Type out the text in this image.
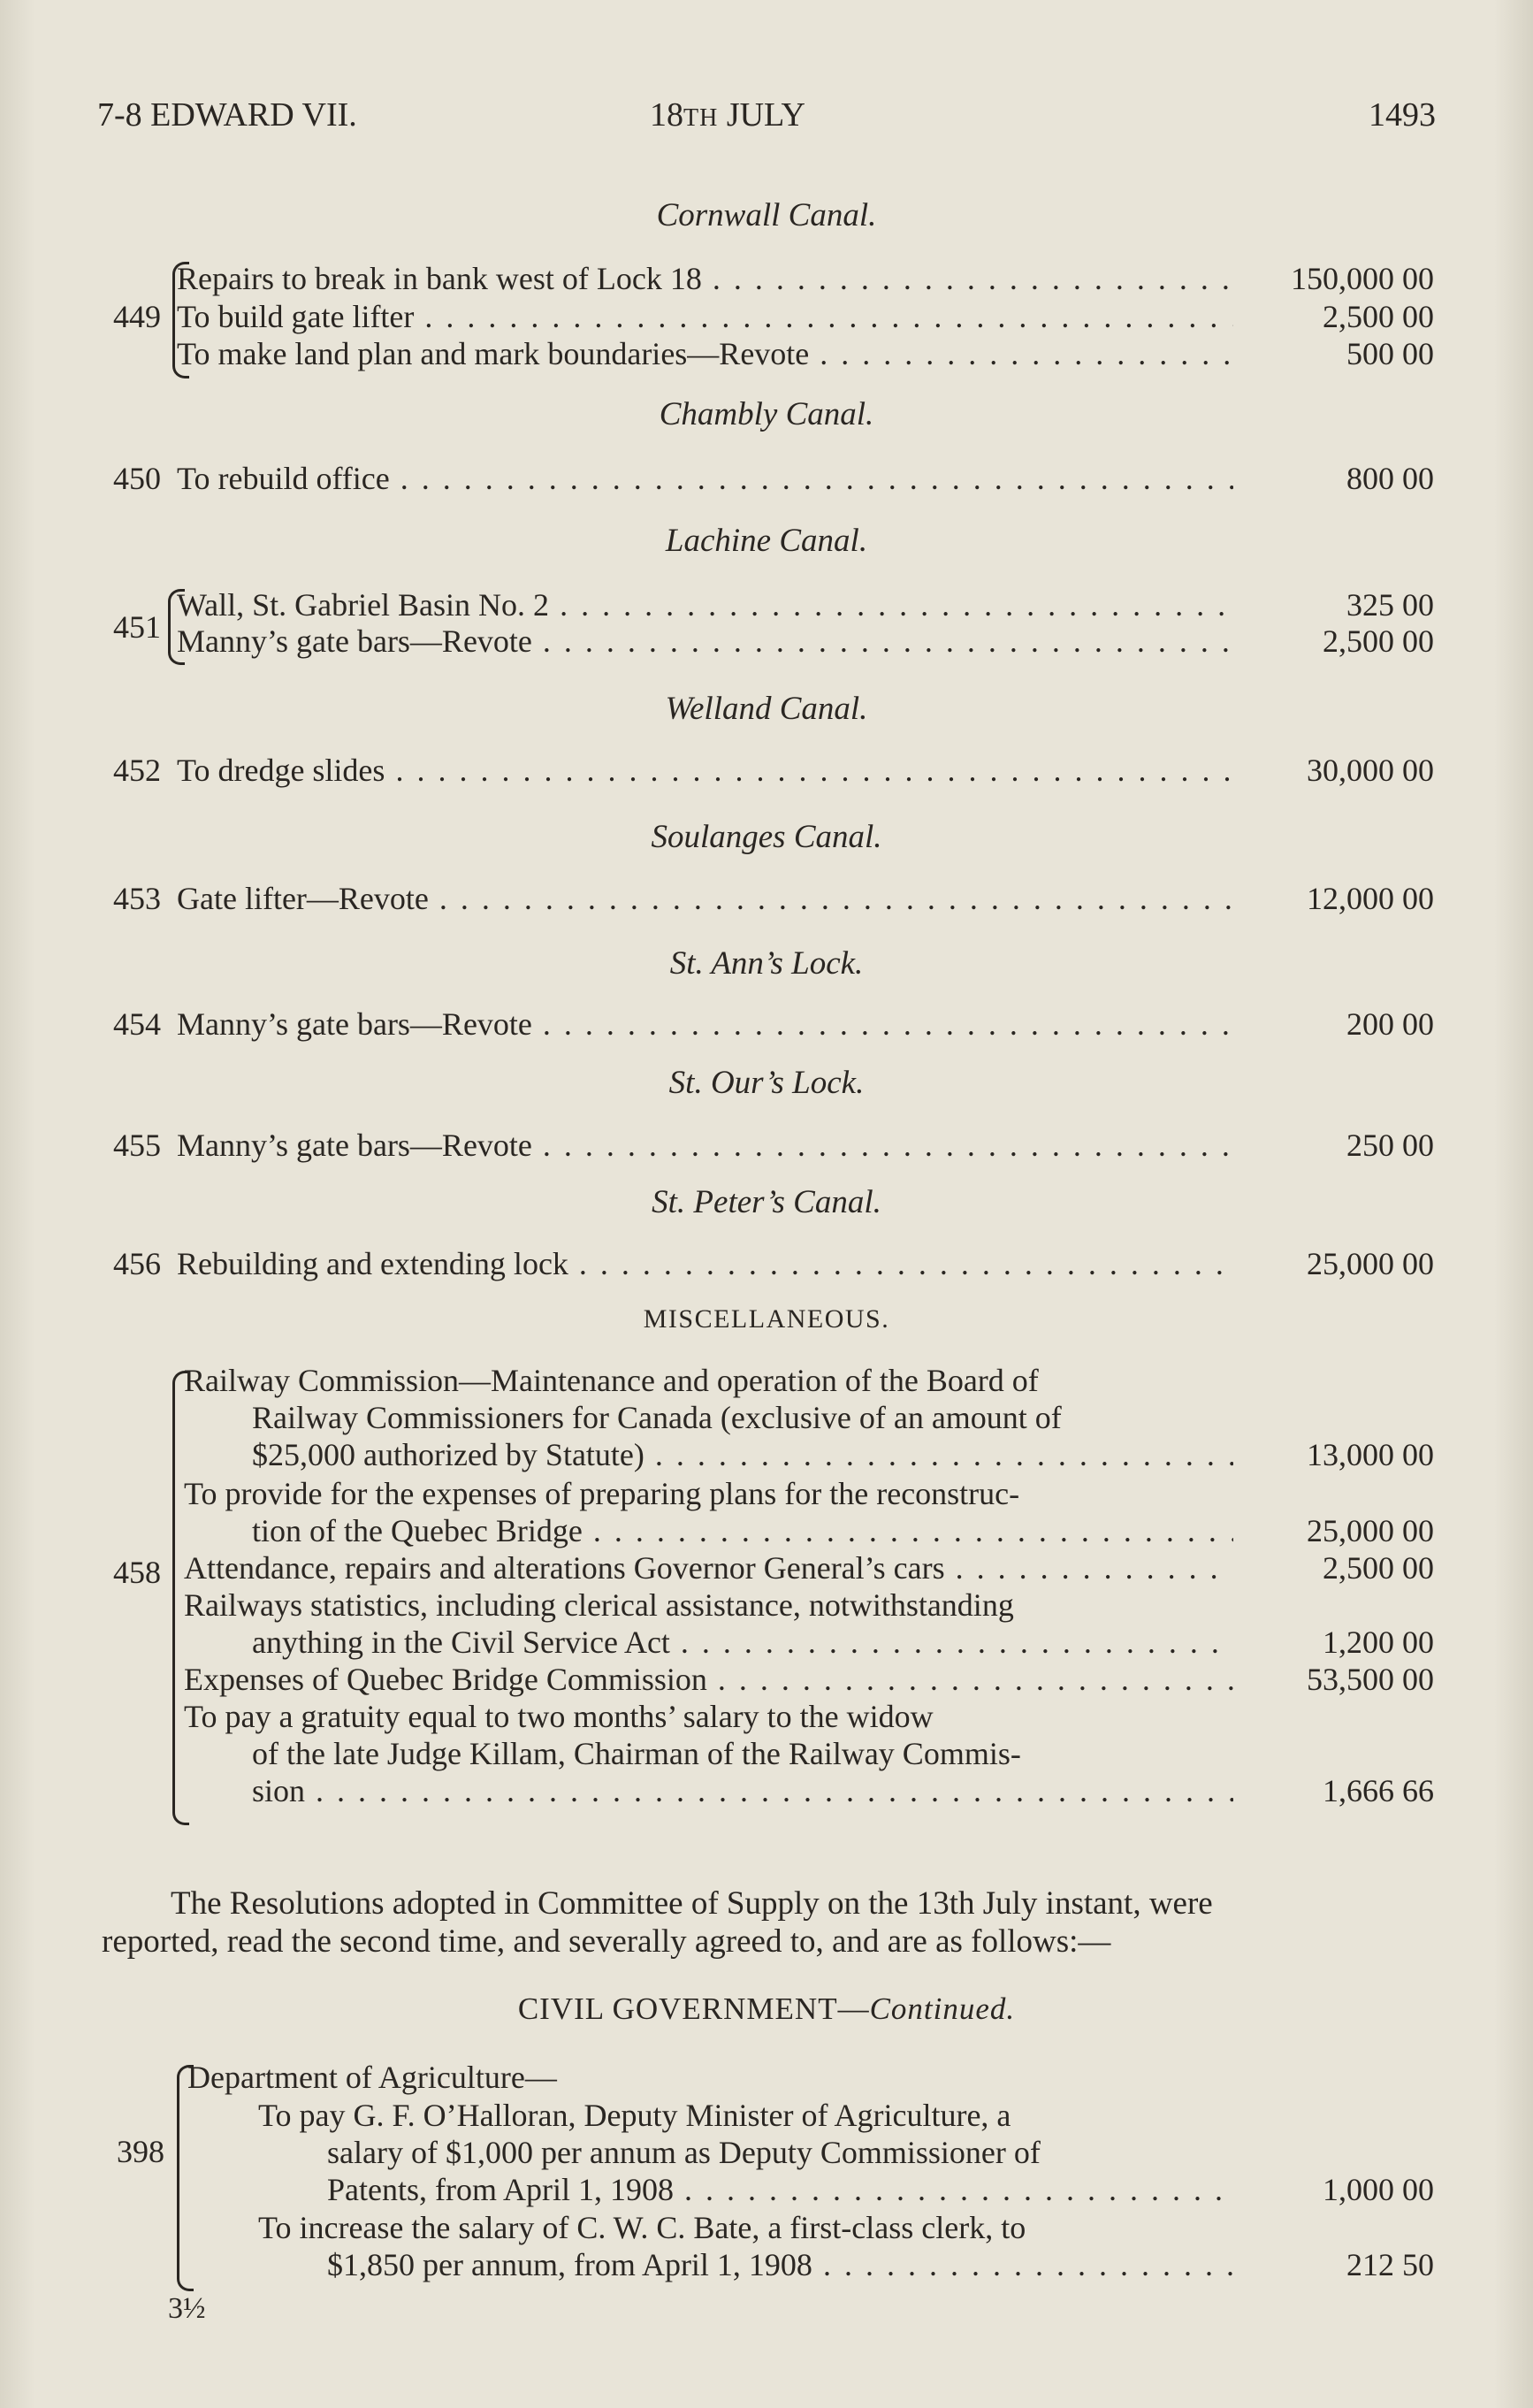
7-8 EDWARD VII.	18TH JULY	1493
Cornwall Canal.
449
Repairs to break in bank west of Lock 18 . . .	150,000 00
To build gate lifter . . .	2,500 00
To make land plan and mark boundaries—Revote . . .	500 00
Chambly Canal.
450 To rebuild office . . .	800 00
Lachine Canal.
451
Wall, St. Gabriel Basin No. 2 . . .	325 00
Manny’s gate bars—Revote . . .	2,500 00
Welland Canal.
452 To dredge slides . . .	30,000 00
Soulanges Canal.
453 Gate lifter—Revote . . .	12,000 00
St. Ann’s Lock.
454 Manny’s gate bars—Revote . . .	200 00
St. Our’s Lock.
455 Manny’s gate bars—Revote . . .	250 00
St. Peter’s Canal.
456 Rebuilding and extending lock . . .	25,000 00
MISCELLANEOUS.
458
Railway Commission—Maintenance and operation of the Board of
Railway Commissioners for Canada (exclusive of an amount of
$25,000 authorized by Statute) . . .	13,000 00
To provide for the expenses of preparing plans for the reconstruc-
tion of the Quebec Bridge . . .	25,000 00
Attendance, repairs and alterations Governor General’s cars . . .	2,500 00
Railways statistics, including clerical assistance, notwithstanding
anything in the Civil Service Act . . .	1,200 00
Expenses of Quebec Bridge Commission . . .	53,500 00
To pay a gratuity equal to two months’ salary to the widow
of the late Judge Killam, Chairman of the Railway Commis-
sion . . .	1,666 66
The Resolutions adopted in Committee of Supply on the 13th July instant, were
reported, read the second time, and severally agreed to, and are as follows:—
CIVIL GOVERNMENT—Continued.
398
Department of Agriculture—
To pay G. F. O’Halloran, Deputy Minister of Agriculture, a
salary of $1,000 per annum as Deputy Commissioner of
Patents, from April 1, 1908 . . .	1,000 00
To increase the salary of C. W. C. Bate, a first-class clerk, to
$1,850 per annum, from April 1, 1908 . . .	212 50
3½
